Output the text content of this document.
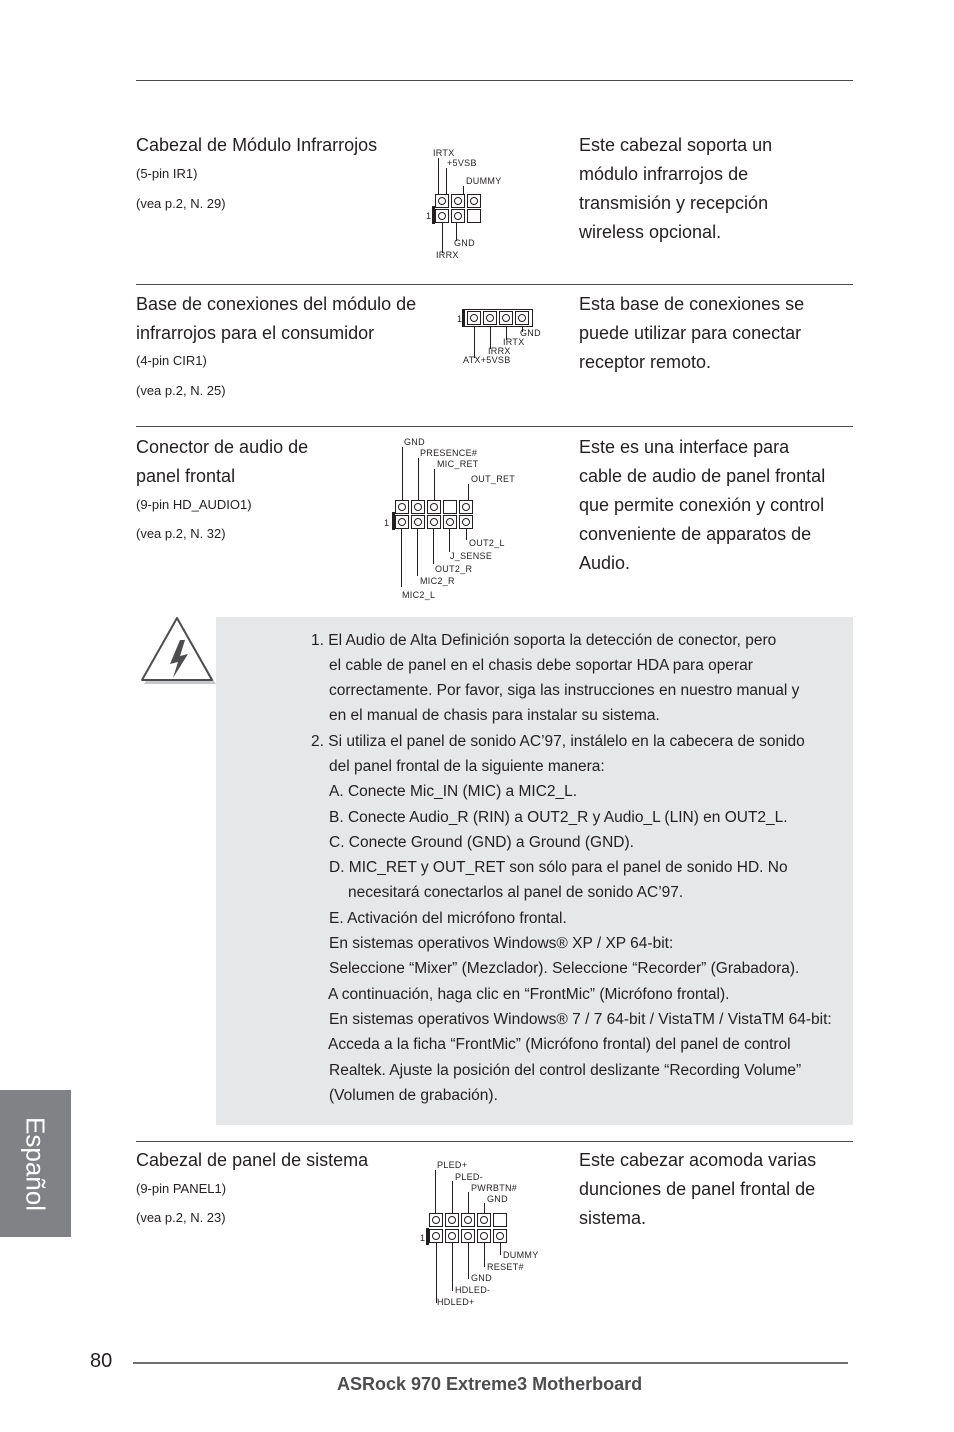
Cabezal de Módulo Infrarrojos
(5-pin IR1)
(vea p.2, N. 29)
Este cabezal soporta un
módulo infrarrojos de
transmisión y recepción
wireless opcional.
IRTX
+5VSB
DUMMY
1
GND
IRRX
Base de conexiones del módulo de
infrarrojos para el consumidor
(4-pin CIR1)
(vea p.2, N. 25)
Esta base de conexiones se
puede utilizar para conectar
receptor remoto.
1
GND
IRTX
IRRX
ATX+5VSB
Conector de audio de
panel frontal
(9-pin HD_AUDIO1)
(vea p.2, N. 32)
Este es una interface para
cable de audio de panel frontal
que permite conexión y control
conveniente de apparatos de
Audio.
GND
PRESENCE#
MIC_RET
OUT_RET
1
OUT2_L
J_SENSE
OUT2_R
MIC2_R
MIC2_L
1. El Audio de Alta Definición soporta la detección de conector, pero
el cable de panel en el chasis debe soportar HDA para operar
correctamente. Por favor, siga las instrucciones en nuestro manual y
en el manual de chasis para instalar su sistema.
2. Si utiliza el panel de sonido AC’97, instálelo en la cabecera de sonido
del panel frontal de la siguiente manera:
A. Conecte Mic_IN (MIC) a MIC2_L.
B. Conecte Audio_R (RIN) a OUT2_R y Audio_L (LIN) en OUT2_L.
C. Conecte Ground (GND) a Ground (GND).
D. MIC_RET y OUT_RET son sólo para el panel de sonido HD. No
necesitará conectarlos al panel de sonido AC’97.
E. Activación del micrófono frontal.
En sistemas operativos Windows® XP / XP 64-bit:
Seleccione “Mixer” (Mezclador). Seleccione “Recorder” (Grabadora).
A continuación, haga clic en “FrontMic” (Micrófono frontal).
En sistemas operativos Windows® 7 / 7 64-bit / VistaTM / VistaTM 64-bit:
Acceda a la ficha “FrontMic” (Micrófono frontal) del panel de control
Realtek. Ajuste la posición del control deslizante “Recording Volume”
(Volumen de grabación).
Cabezal de panel de sistema
(9-pin PANEL1)
(vea p.2, N. 23)
Este cabezar acomoda varias
dunciones de panel frontal de
sistema.
PLED+
PLED-
PWRBTN#
GND
1
DUMMY
RESET#
GND
HDLED-
HDLED+
Español
80
ASRock 970 Extreme3 Motherboard
